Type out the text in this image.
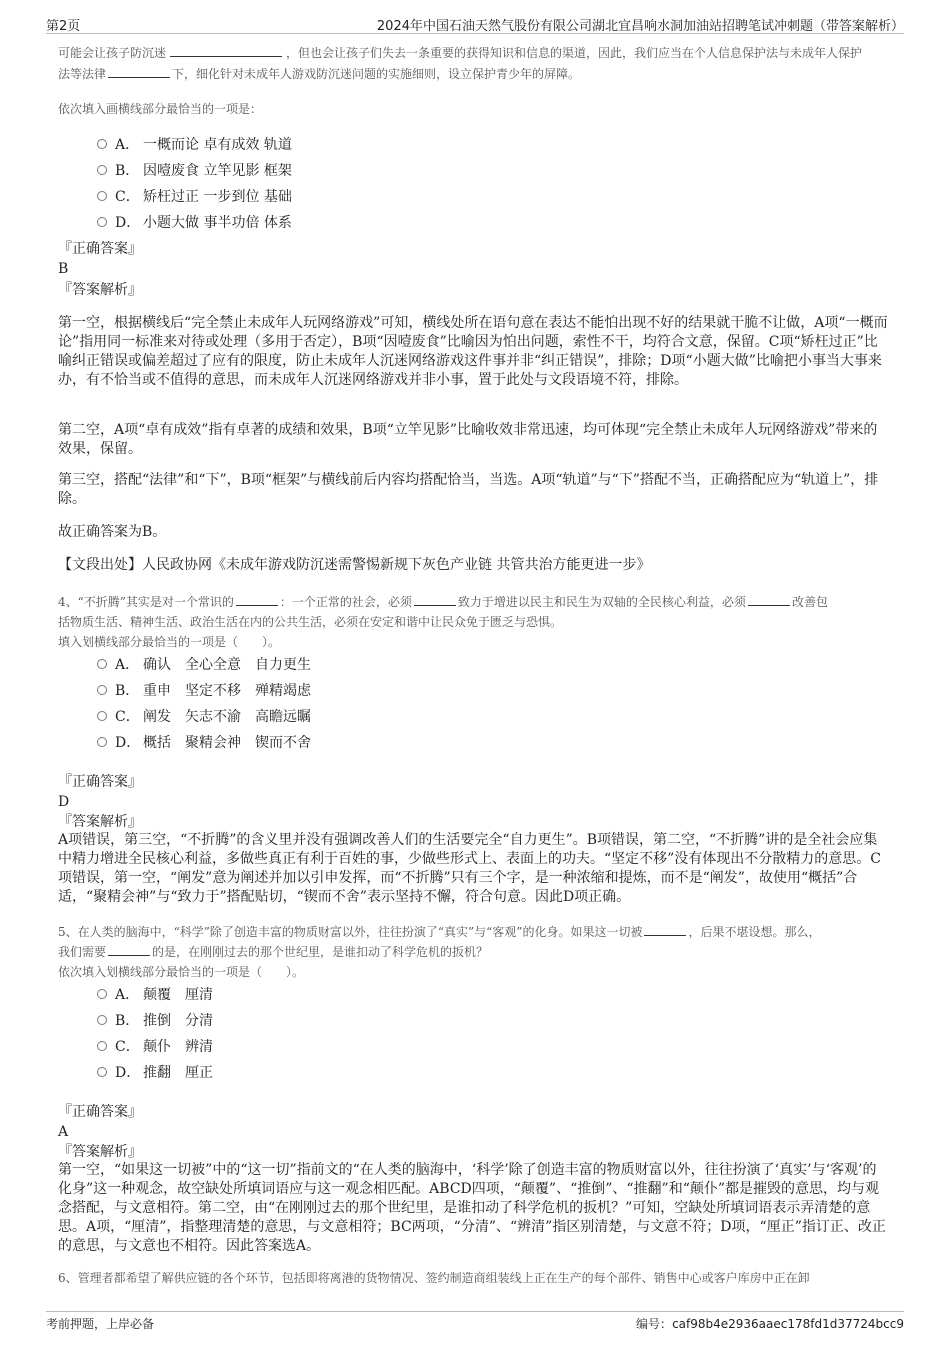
第2页	2024年中国石油天然气股份有限公司湖北宜昌响水洞加油站招聘笔试冲刺题（带答案解析）
可能会让孩子防沉迷	，但也会让孩子们失去一条重要的获得知识和信息的渠道，因此，我们应当在个人信息保护法与未成年人保护
法等法律	下，细化针对未成年人游戏防沉迷问题的实施细则，设立保护青少年的屏障。
依次填入画横线部分最恰当的一项是：
A． 一概而论 卓有成效 轨道
B． 因噎废食 立竿见影 框架
C． 矫枉过正 一步到位 基础
D． 小题大做 事半功倍 体系
『正确答案』
B
『答案解析』
第一空，根据横线后“完全禁止未成年人玩网络游戏”可知，横线处所在语句意在表达不能怕出现不好的结果就干脆不让做，A项“一概而论”指用同一标准来对待或处理（多用于否定），B项“因噎废食”比喻因为怕出问题，索性不干，均符合文意，保留。C项“矫枉过正”比喻纠正错误或偏差超过了应有的限度，防止未成年人沉迷网络游戏这件事并非“纠正错误”，排除；D项“小题大做”比喻把小事当大事来办，有不恰当或不值得的意思，而未成年人沉迷网络游戏并非小事，置于此处与文段语境不符，排除。
第二空，A项“卓有成效”指有卓著的成绩和效果，B项“立竿见影”比喻收效非常迅速，均可体现“完全禁止未成年人玩网络游戏”带来的效果，保留。
第三空，搭配“法律”和“下”，B项“框架”与横线前后内容均搭配恰当，当选。A项“轨道”与“下”搭配不当，正确搭配应为“轨道上”，排除。
故正确答案为B。
【文段出处】人民政协网《未成年游戏防沉迷需警惕新规下灰色产业链 共管共治方能更进一步》
4、“不折腾”其实是对一个常识的	：一个正常的社会，必须	致力于增进以民主和民生为双轴的全民核心利益，必须	改善包
括物质生活、精神生活、政治生活在内的公共生活，必须在安定和谐中让民众免于匮乏与恐惧。
填入划横线部分最恰当的一项是（　　）。
A． 确认 全心全意 自力更生
B． 重申 坚定不移 殚精竭虑
C． 阐发 矢志不渝 高瞻远瞩
D． 概括 聚精会神 锲而不舍
『正确答案』
D
『答案解析』
A项错误，第三空，“不折腾”的含义里并没有强调改善人们的生活要完全“自力更生”。B项错误，第二空，“不折腾”讲的是全社会应集中精力增进全民核心利益，多做些真正有利于百姓的事，少做些形式上、表面上的功夫。“坚定不移”没有体现出不分散精力的意思。C项错误，第一空，“阐发”意为阐述并加以引申发挥，而“不折腾”只有三个字，是一种浓缩和提炼，而不是“阐发”，故使用“概括”合适，“聚精会神”与“致力于”搭配贴切，“锲而不舍”表示坚持不懈，符合句意。因此D项正确。
5、在人类的脑海中，“科学”除了创造丰富的物质财富以外，往往扮演了“真实”与“客观”的化身。如果这一切被	，后果不堪设想。那么，
我们需要	的是，在刚刚过去的那个世纪里，是谁扣动了科学危机的扳机？
依次填入划横线部分最恰当的一项是（　　）。
A． 颠覆 厘清
B． 推倒 分清
C． 颠仆 辨清
D． 推翻 厘正
『正确答案』
A
『答案解析』
第一空，“如果这一切被”中的“这一切”指前文的“在人类的脑海中，‘科学’除了创造丰富的物质财富以外，往往扮演了‘真实’与‘客观’的化身”这一种观念，故空缺处所填词语应与这一观念相匹配。ABCD四项，“颠覆”、“推倒”、“推翻”和“颠仆”都是摧毁的意思，均与观念搭配，与文意相符。第二空，由“在刚刚过去的那个世纪里，是谁扣动了科学危机的扳机？”可知，空缺处所填词语表示弄清楚的意思。A项，“厘清”，指整理清楚的意思，与文意相符；BC两项，“分清”、“辨清”指区别清楚，与文意不符；D项，“厘正”指订正、改正的意思，与文意也不相符。因此答案选A。
6、管理者都希望了解供应链的各个环节，包括即将离港的货物情况、签约制造商组装线上正在生产的每个部件、销售中心或客户库房中正在卸
考前押题，上岸必备	编号：caf98b4e2936aaec178fd1d37724bcc9
